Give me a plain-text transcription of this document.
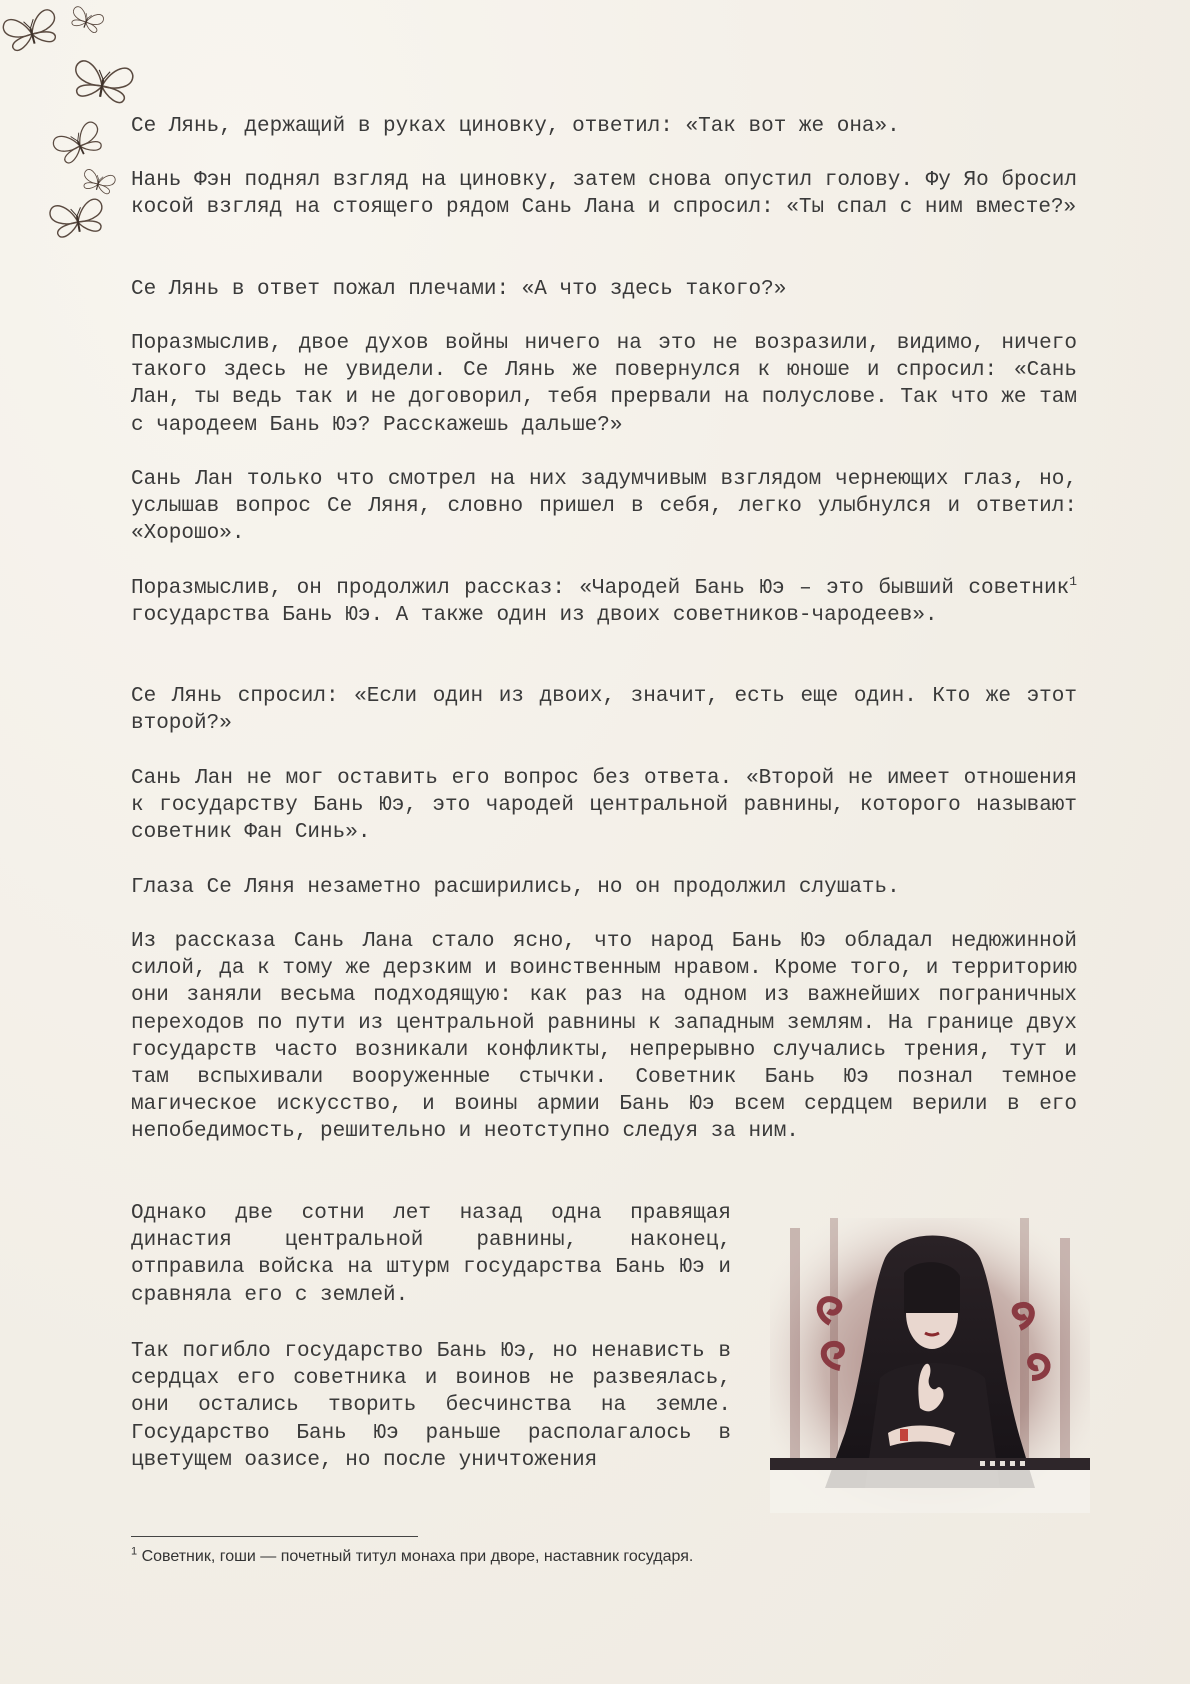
Се Лянь, держащий в руках циновку, ответил: «Так вот же она».
Нань Фэн поднял взгляд на циновку, затем снова опустил голову. Фу Яо бросил косой взгляд на стоящего рядом Сань Лана и спросил: «Ты спал с ним вместе?»
Се Лянь в ответ пожал плечами: «А что здесь такого?»
Поразмыслив, двое духов войны ничего на это не возразили, видимо, ничего такого здесь не увидели. Се Лянь же повернулся к юноше и спросил: «Сань Лан, ты ведь так и не договорил, тебя прервали на полуслове. Так что же там с чародеем Бань Юэ? Расскажешь дальше?»
Сань Лан только что смотрел на них задумчивым взглядом чернеющих глаз, но, услышав вопрос Се Ляня, словно пришел в себя, легко улыбнулся и ответил: «Хорошо».
Поразмыслив, он продолжил рассказ: «Чародей Бань Юэ – это бывший советник$^1$ государства Бань Юэ. А также один из двоих советников-чародеев».
Се Лянь спросил: «Если один из двоих, значит, есть еще один. Кто же этот второй?»
Сань Лан не мог оставить его вопрос без ответа. «Второй не имеет отношения к государству Бань Юэ, это чародей центральной равнины, которого называют советник Фан Синь».
Глаза Се Ляня незаметно расширились, но он продолжил слушать.
Из рассказа Сань Лана стало ясно, что народ Бань Юэ обладал недюжинной силой, да к тому же дерзким и воинственным нравом. Кроме того, и территорию они заняли весьма подходящую: как раз на одном из важнейших пограничных переходов по пути из центральной равнины к западным землям. На границе двух государств часто возникали конфликты, непрерывно случались трения, тут и там вспыхивали вооруженные стычки. Советник Бань Юэ познал темное магическое искусство, и воины армии Бань Юэ всем сердцем верили в его непобедимость, решительно и неотступно следуя за ним.
Однако две сотни лет назад одна правящая династия центральной равнины, наконец, отправила войска на штурм государства Бань Юэ и сравняла его с землей.
Так погибло государство Бань Юэ, но ненависть в сердцах его советника и воинов не развеялась, они остались творить бесчинства на земле. Государство Бань Юэ раньше располагалось в цветущем оазисе, но после уничтожения
$^1$ Советник, гоши — почетный титул монаха при дворе, наставник государя.
